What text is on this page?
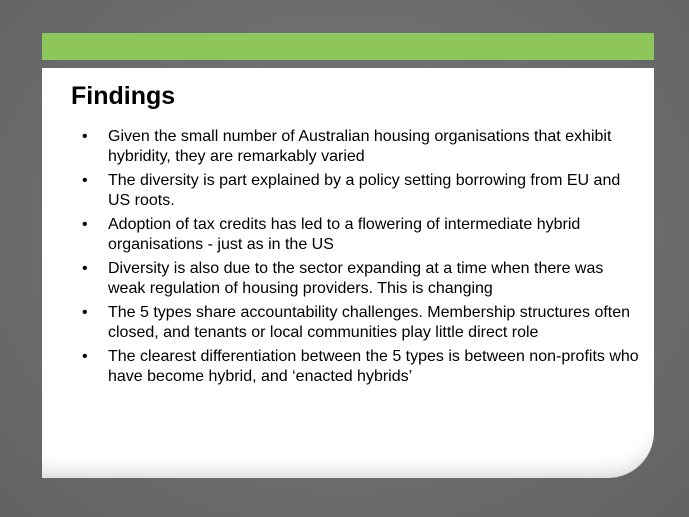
Findings
• Given the small number of Australian housing organisations that exhibit hybridity, they are remarkably varied
• The diversity is part explained by a policy setting borrowing from EU and US roots.
• Adoption of tax credits has led to a flowering of intermediate hybrid organisations - just as in the US
• Diversity is also due to the sector expanding at a time when there was weak regulation of housing providers. This is changing
• The 5 types share accountability challenges. Membership structures often closed, and tenants or local communities play little direct role
• The clearest differentiation between the 5 types is between non-profits who have become hybrid, and ‘enacted hybrids’
